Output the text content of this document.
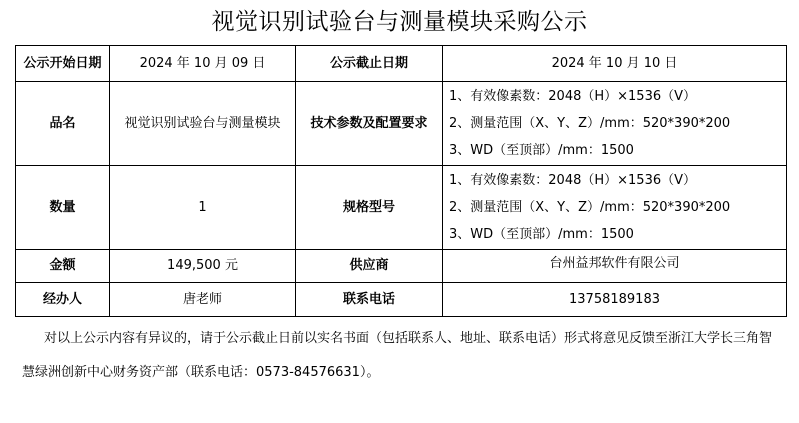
视觉识别试验台与测量模块采购公示
公示开始日期	2024 年 10 月 09 日	公示截止日期	2024 年 10 月 10 日
品名	视觉识别试验台与测量模块	技术参数及配置要求	1、有效像素数：2048（H）×1536（V）
2、测量范围（X、Y、Z）/mm：520*390*200
3、WD（至顶部）/mm：1500

数量	1	规格型号	1、有效像素数：2048（H）×1536（V）
2、测量范围（X、Y、Z）/mm：520*390*200
3、WD（至顶部）/mm：1500

金额	149,500 元	供应商	台州益邦软件有限公司
经办人	唐老师	联系电话	13758189183
对以上公示内容有异议的，请于公示截止日前以实名书面（包括联系人、地址、联系电话）形式将意见反馈至浙江大学长三角智
慧绿洲创新中心财务资产部（联系电话：0573-84576631）。
